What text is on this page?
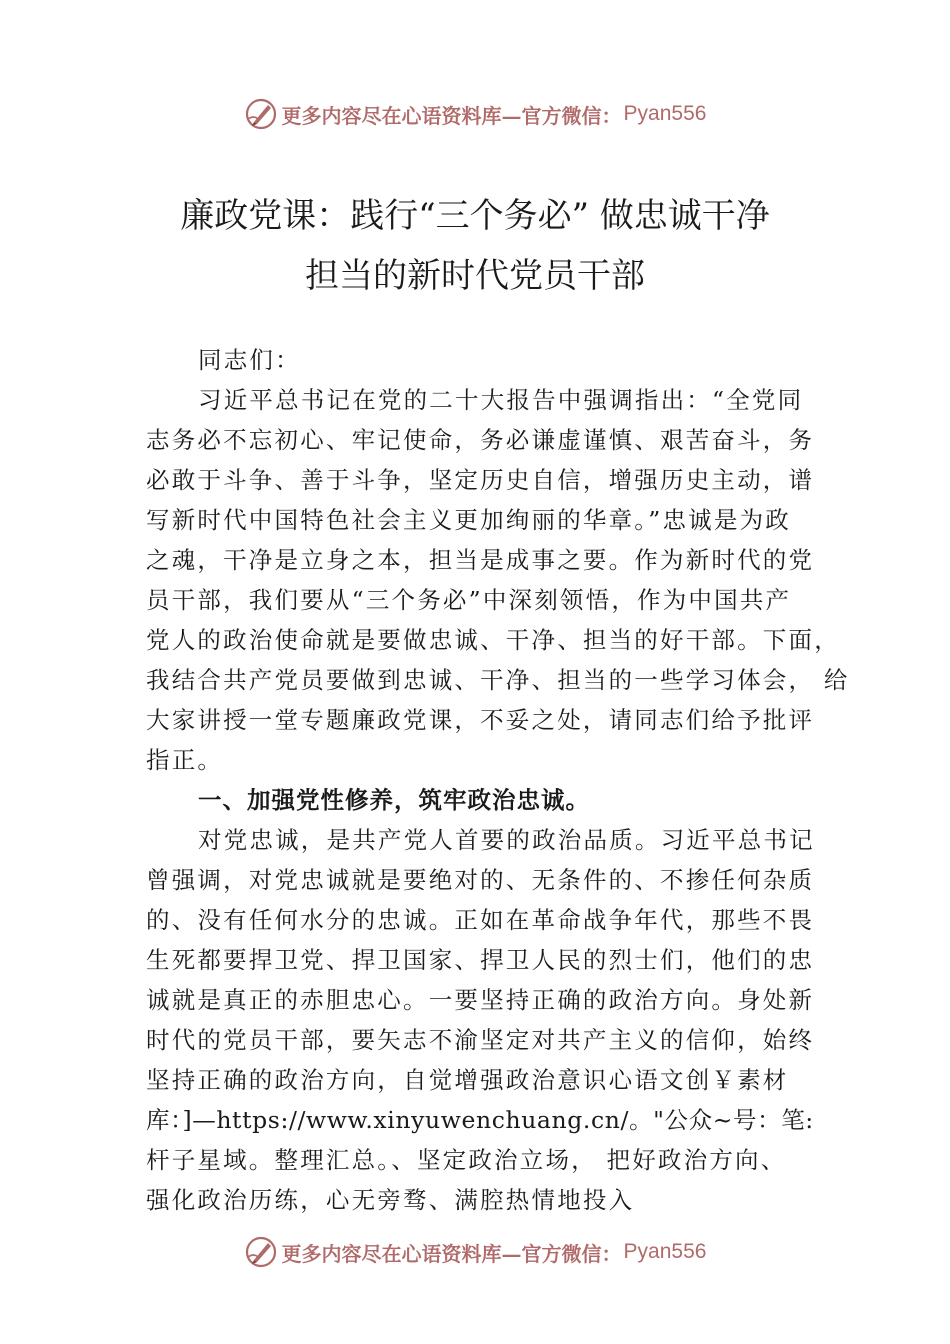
更多内容尽在心语资料库—官方微信： Pyan556
廉政党课：践行“三个务必” 做忠诚干净
担当的新时代党员干部
同志们：
习近平总书记在党的二十大报告中强调指出：“全党同
志务必不忘初心、牢记使命，务必谦虚谨慎、艰苦奋斗，务
必敢于斗争、善于斗争，坚定历史自信，增强历史主动，谱
写新时代中国特色社会主义更加绚丽的华章。”忠诚是为政
之魂，干净是立身之本，担当是成事之要。作为新时代的党
员干部，我们要从“三个务必”中深刻领悟，作为中国共产
党人的政治使命就是要做忠诚、干净、担当的好干部。下面，
我结合共产党员要做到忠诚、干净、担当的一些学习体会， 给
大家讲授一堂专题廉政党课，不妥之处，请同志们给予批评
指正。
一、加强党性修养，筑牢政治忠诚。
对党忠诚，是共产党人首要的政治品质。习近平总书记
曾强调，对党忠诚就是要绝对的、无条件的、不掺任何杂质
的、没有任何水分的忠诚。正如在革命战争年代，那些不畏
生死都要捍卫党、捍卫国家、捍卫人民的烈士们，他们的忠
诚就是真正的赤胆忠心。一要坚持正确的政治方向。身处新
时代的党员干部，要矢志不渝坚定对共产主义的信仰，始终
坚持正确的政治方向，自觉增强政治意识心语文创￥素材
库：]—https://www.xinyuwenchuang.cn/。"公众~号：笔:
杆子星域。整理汇总。、坚定政治立场， 把好政治方向、
强化政治历练，心无旁骛、满腔热情地投入
更多内容尽在心语资料库—官方微信： Pyan556
